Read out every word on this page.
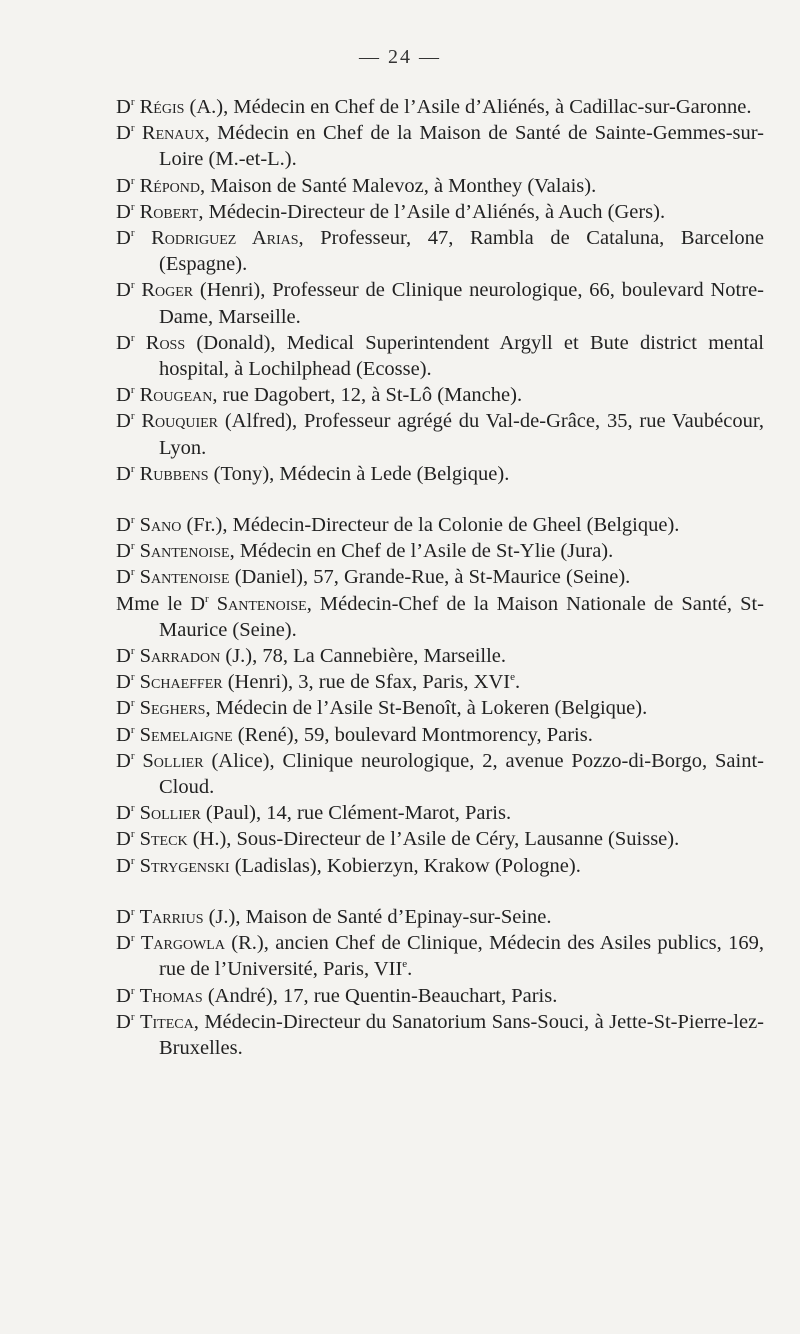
— 24 —

$D^r$ Régis (A.), Médecin en Chef de l’Asile d’Aliénés, à Cadillac-sur-Garonne.

$D^r$ Renaux, Médecin en Chef de la Maison de Santé de Sainte-Gemmes-sur-Loire (M.-et-L.).

$D^r$ Répond, Maison de Santé Malevoz, à Monthey (Valais).

$D^r$ Robert, Médecin-Directeur de l’Asile d’Aliénés, à Auch (Gers).

$D^r$ Rodriguez Arias, Professeur, 47, Rambla de Cataluna, Barcelone (Espagne).

$D^r$ Roger (Henri), Professeur de Clinique neurologique, 66, boulevard Notre-Dame, Marseille.

$D^r$ Ross (Donald), Medical Superintendent Argyll et Bute district mental hospital, à Lochilphead (Ecosse).

$D^r$ Rougean, rue Dagobert, 12, à St-Lô (Manche).

$D^r$ Rouquier (Alfred), Professeur agrégé du Val-de-Grâce, 35, rue Vaubécour, Lyon.

$D^r$ Rubbens (Tony), Médecin à Lede (Belgique).

$D^r$ Sano (Fr.), Médecin-Directeur de la Colonie de Gheel (Belgique).

$D^r$ Santenoise, Médecin en Chef de l’Asile de St-Ylie (Jura).

$D^r$ Santenoise (Daniel), 57, Grande-Rue, à St-Maurice (Seine).

Mme le $D^r$ Santenoise, Médecin-Chef de la Maison Nationale de Santé, St-Maurice (Seine).

$D^r$ Sarradon (J.), 78, La Cannebière, Marseille.

$D^r$ Schaeffer (Henri), 3, rue de Sfax, Paris, XVIe.

$D^r$ Seghers, Médecin de l’Asile St-Benoît, à Lokeren (Belgique).

$D^r$ Semelaigne (René), 59, boulevard Montmorency, Paris.

$D^r$ Sollier (Alice), Clinique neurologique, 2, avenue Pozzo-di-Borgo, Saint-Cloud.

$D^r$ Sollier (Paul), 14, rue Clément-Marot, Paris.

$D^r$ Steck (H.), Sous-Directeur de l’Asile de Céry, Lausanne (Suisse).

$D^r$ Strygenski (Ladislas), Kobierzyn, Krakow (Pologne).

$D^r$ Tarrius (J.), Maison de Santé d’Epinay-sur-Seine.

$D^r$ Targowla (R.), ancien Chef de Clinique, Médecin des Asiles publics, 169, rue de l’Université, Paris, VIIe.

$D^r$ Thomas (André), 17, rue Quentin-Beauchart, Paris.

$D^r$ Titeca, Médecin-Directeur du Sanatorium Sans-Souci, à Jette-St-Pierre-lez-Bruxelles.
